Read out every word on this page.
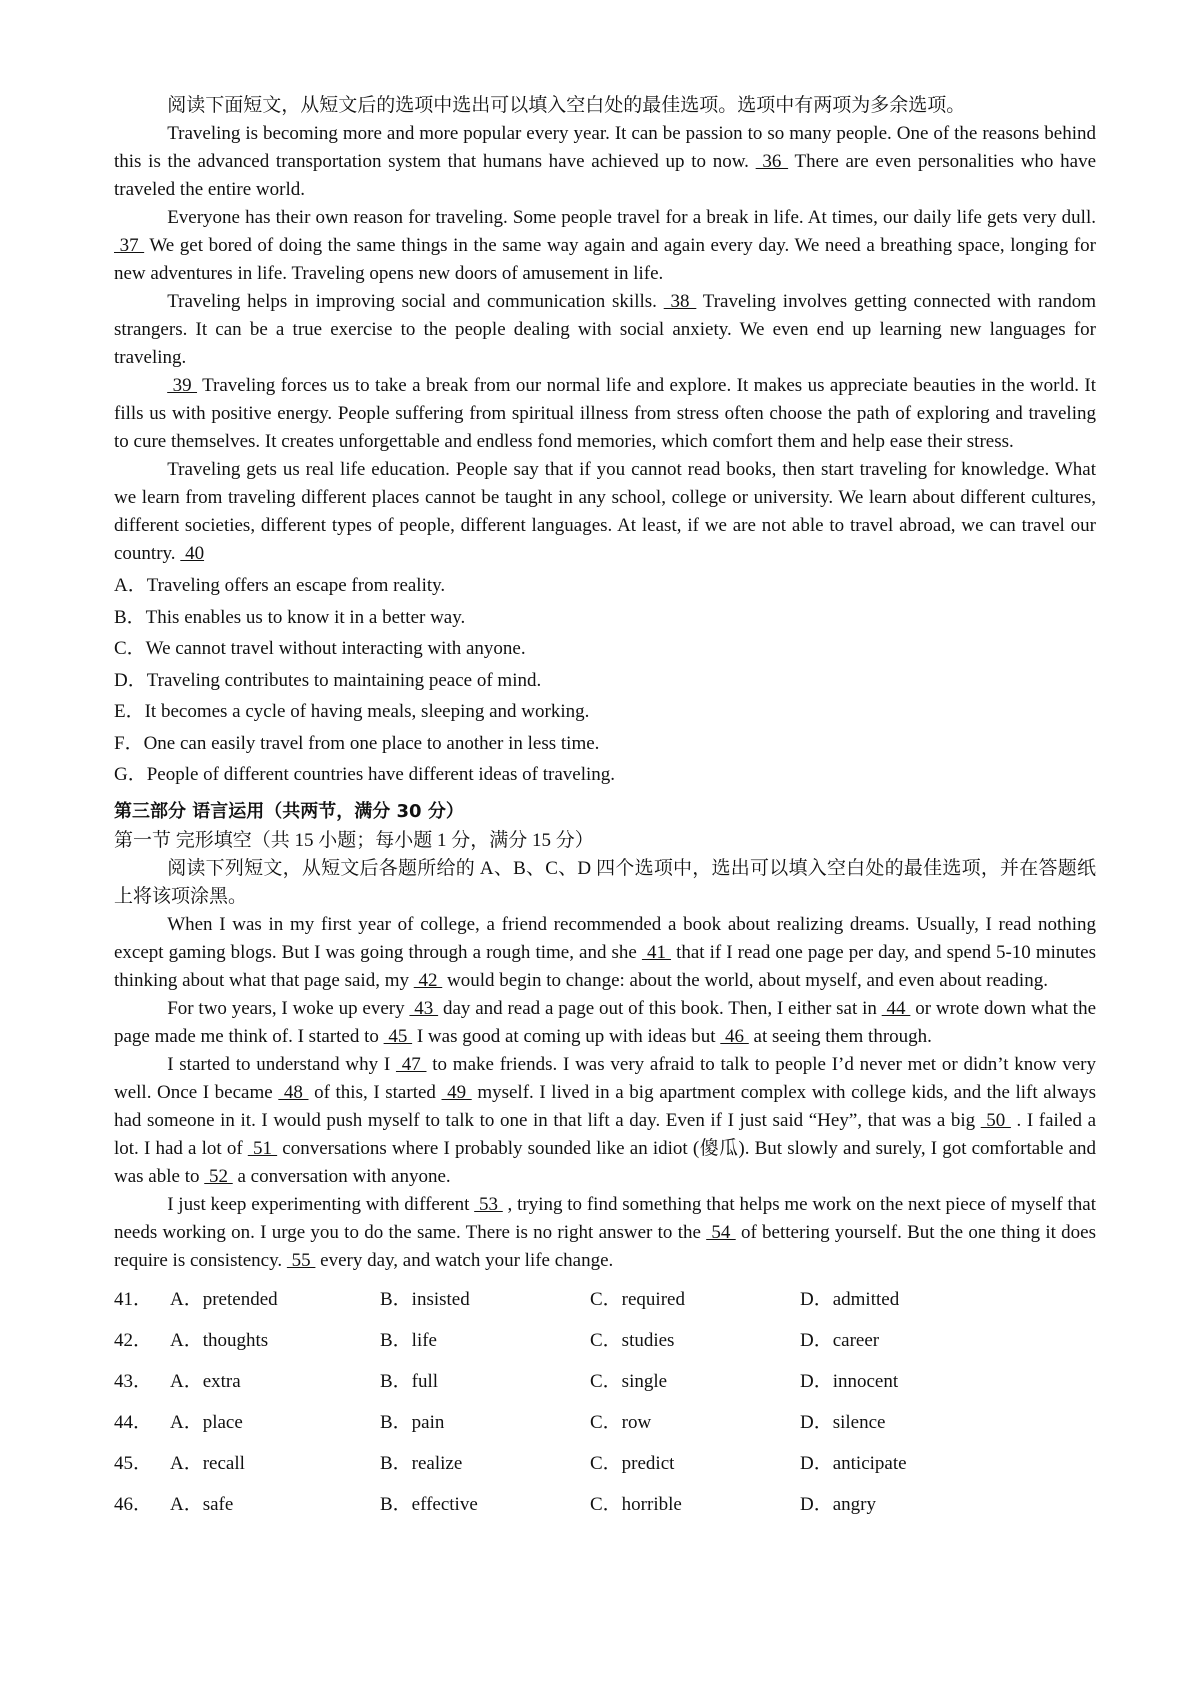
阅读下面短文，从短文后的选项中选出可以填入空白处的最佳选项。选项中有两项为多余选项。

Traveling is becoming more and more popular every year. It can be passion to so many people. One of the reasons behind this is the advanced transportation system that humans have achieved up to now.  36  There are even personalities who have traveled the entire world.

Everyone has their own reason for traveling. Some people travel for a break in life. At times, our daily life gets very dull.  37  We get bored of doing the same things in the same way again and again every day. We need a breathing space, longing for new adventures in life. Traveling opens new doors of amusement in life.

Traveling helps in improving social and communication skills.  38  Traveling involves getting connected with random strangers. It can be a true exercise to the people dealing with social anxiety. We even end up learning new languages for traveling.

39  Traveling forces us to take a break from our normal life and explore. It makes us appreciate beauties in the world. It fills us with positive energy. People suffering from spiritual illness from stress often choose the path of exploring and traveling to cure themselves. It creates unforgettable and endless fond memories, which comfort them and help ease their stress.

Traveling gets us real life education. People say that if you cannot read books, then start traveling for knowledge. What we learn from traveling different places cannot be taught in any school, college or university. We learn about different cultures, different societies, different types of people, different languages. At least, if we are not able to travel abroad, we can travel our country.  40

A．Traveling offers an escape from reality.
B．This enables us to know it in a better way.
C．We cannot travel without interacting with anyone.
D．Traveling contributes to maintaining peace of mind.
E．It becomes a cycle of having meals, sleeping and working.
F．One can easily travel from one place to another in less time.
G．People of different countries have different ideas of traveling.
第三部分 语言运用（共两节，满分 30 分）
第一节 完形填空（共 15 小题；每小题 1 分，满分 15 分）

阅读下列短文，从短文后各题所给的 A、B、C、D 四个选项中，选出可以填入空白处的最佳选项，并在答题纸上将该项涂黑。

When I was in my first year of college, a friend recommended a book about realizing dreams. Usually, I read nothing except gaming blogs. But I was going through a rough time, and she  41  that if I read one page per day, and spend 5-10 minutes thinking about what that page said, my  42  would begin to change: about the world, about myself, and even about reading.

For two years, I woke up every  43  day and read a page out of this book. Then, I either sat in  44  or wrote down what the page made me think of. I started to  45  I was good at coming up with ideas but  46  at seeing them through.

I started to understand why I  47  to make friends. I was very afraid to talk to people I’d never met or didn’t know very well. Once I became  48  of this, I started  49  myself. I lived in a big apartment complex with college kids, and the lift always had someone in it. I would push myself to talk to one in that lift a day. Even if I just said “Hey”, that was a big  50  . I failed a lot. I had a lot of  51  conversations where I probably sounded like an idiot (傻瓜). But slowly and surely, I got comfortable and was able to  52  a conversation with anyone.

I just keep experimenting with different  53  , trying to find something that helps me work on the next piece of myself that needs working on. I urge you to do the same. There is no right answer to the  54  of bettering yourself. But the one thing it does require is consistency.  55  every day, and watch your life change.

41． A．pretended	B．insisted	C．required	D．admitted
42． A．thoughts	B．life	C．studies	D．career
43． A．extra	B．full	C．single	D．innocent
44． A．place	B．pain	C．row	D．silence
45． A．recall	B．realize	C．predict	D．anticipate
46． A．safe	B．effective	C．horrible	D．angry
